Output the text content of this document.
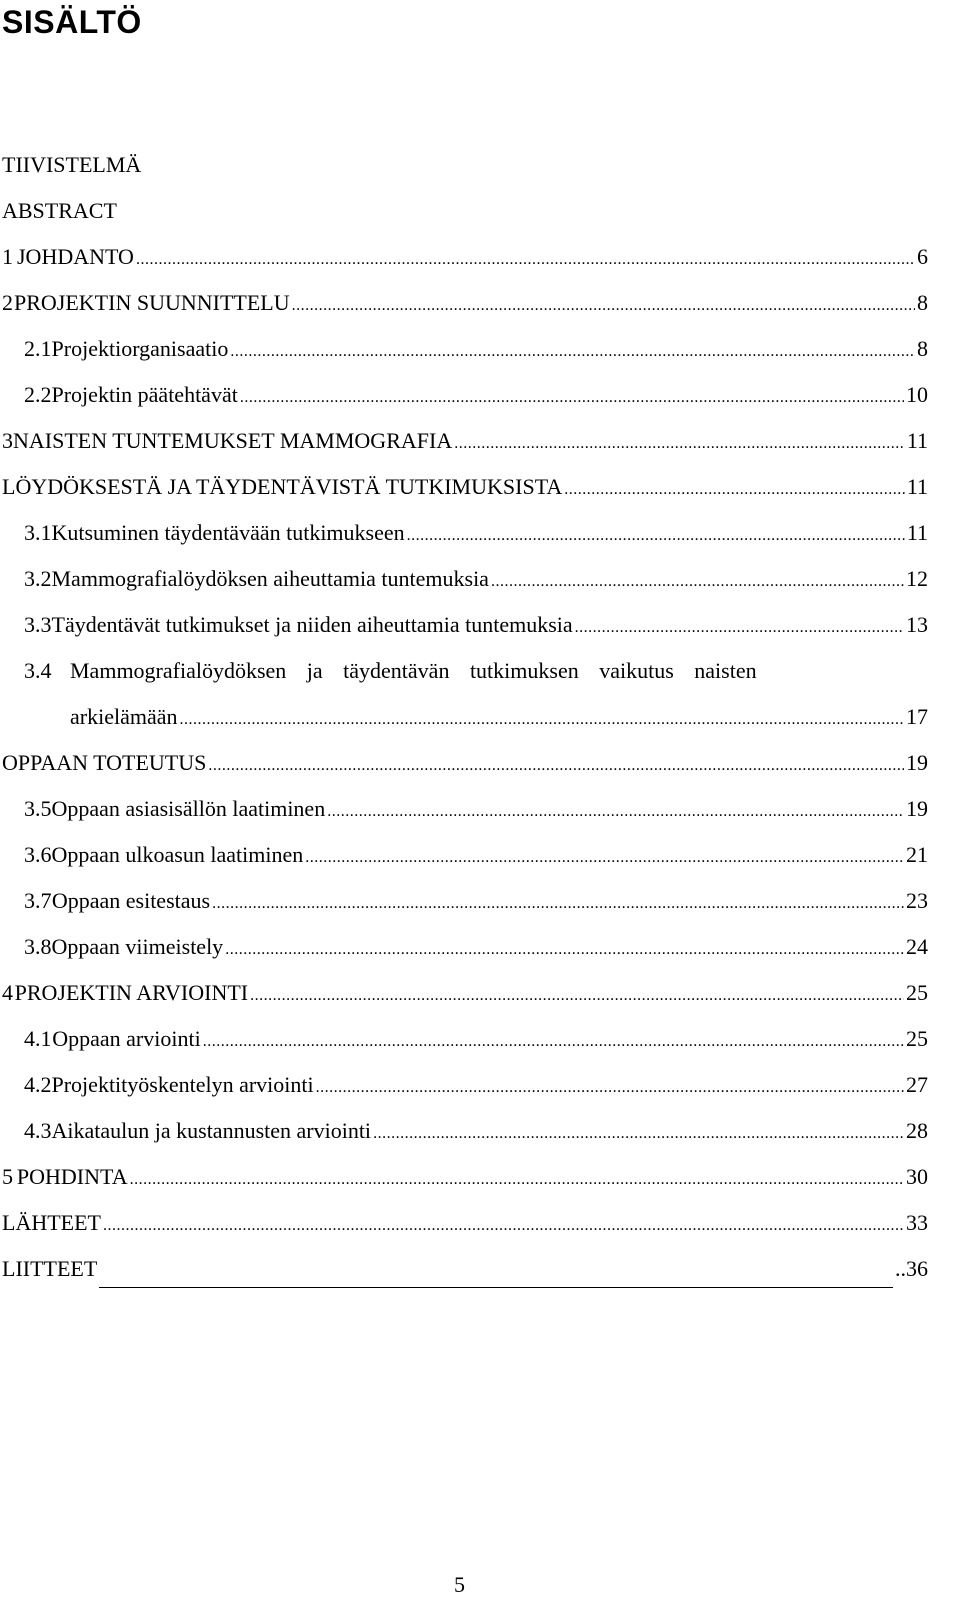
SISÄLTÖ
TIIVISTELMÄ
ABSTRACT
1 JOHDANTO .....	6
2 PROJEKTIN SUUNNITTELU .....	8
2.1 Projektiorganisaatio .....	8
2.2 Projektin päätehtävät .....	10
3 NAISTEN TUNTEMUKSET MAMMOGRAFIA .....	11
LÖYDÖKSESTÄ JA TÄYDENTÄVISTÄ TUTKIMUKSISTA .....	11
3.1 Kutsuminen täydentävään tutkimukseen .....	11
3.2 Mammografialöydöksen aiheuttamia tuntemuksia .....	12
3.3 Täydentävät tutkimukset ja niiden aiheuttamia tuntemuksia .....	13
3.4 Mammografialöydöksen ja täydentävän tutkimuksen vaikutus naisten
arkielämään .....	17
OPPAAN TOTEUTUS .....	19
3.5 Oppaan asiasisällön laatiminen .....	19
3.6 Oppaan ulkoasun laatiminen .....	21
3.7 Oppaan esitestaus .....	23
3.8 Oppaan viimeistely .....	24
4 PROJEKTIN ARVIOINTI .....	25
4.1 Oppaan arviointi .....	25
4.2 Projektityöskentelyn arviointi .....	27
4.3 Aikataulun ja kustannusten arviointi .....	28
5 POHDINTA .....	30
LÄHTEET .....	33
LIITTEET	..36
5
